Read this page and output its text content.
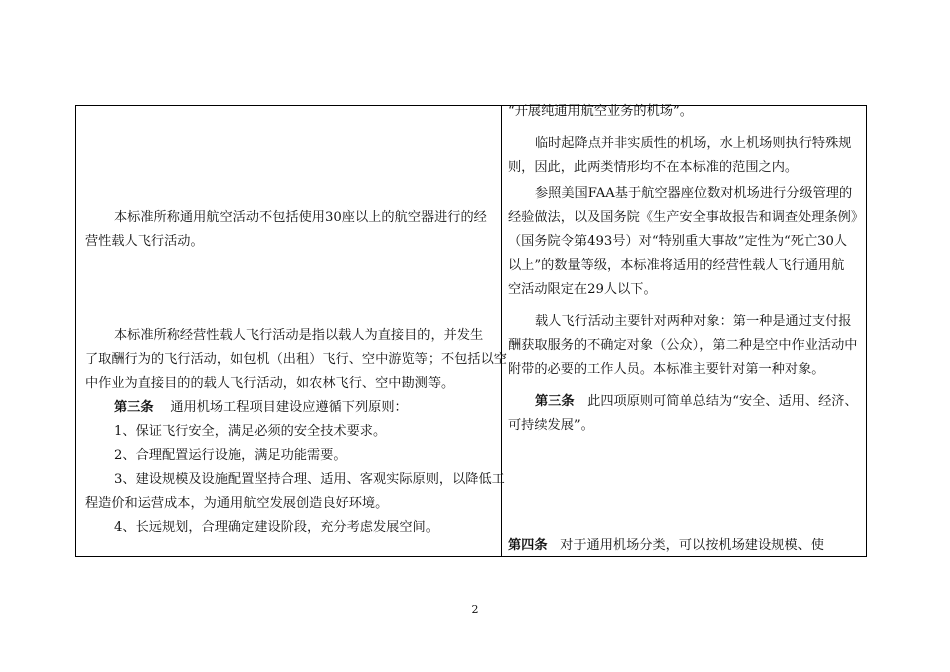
本标准所称通用航空活动不包括使用30座以上的航空器进行的经

营性载人飞行活动。

本标准所称经营性载人飞行活动是指以载人为直接目的，并发生

了取酬行为的飞行活动，如包机（出租）飞行、空中游览等；不包括以空

中作业为直接目的的载人飞行活动，如农林飞行、空中勘测等。

第三条 通用机场工程项目建设应遵循下列原则：

1、保证飞行安全，满足必须的安全技术要求。

2、合理配置运行设施，满足功能需要。

3、建设规模及设施配置坚持合理、适用、客观实际原则，以降低工

程造价和运营成本，为通用航空发展创造良好环境。

4、长远规划，合理确定建设阶段，充分考虑发展空间。

“开展纯通用航空业务的机场”。

临时起降点并非实质性的机场，水上机场则执行特殊规

则，因此，此两类情形均不在本标准的范围之内。

参照美国FAA基于航空器座位数对机场进行分级管理的

经验做法，以及国务院《生产安全事故报告和调查处理条例》

（国务院令第493号）对“特别重大事故”定性为“死亡30人

以上”的数量等级，本标准将适用的经营性载人飞行通用航

空活动限定在29人以下。

载人飞行活动主要针对两种对象：第一种是通过支付报

酬获取服务的不确定对象（公众），第二种是空中作业活动中

附带的必要的工作人员。本标准主要针对第一种对象。

第三条 此四项原则可简单总结为“安全、适用、经济、

可持续发展”。

第四条 对于通用机场分类，可以按机场建设规模、使

2
